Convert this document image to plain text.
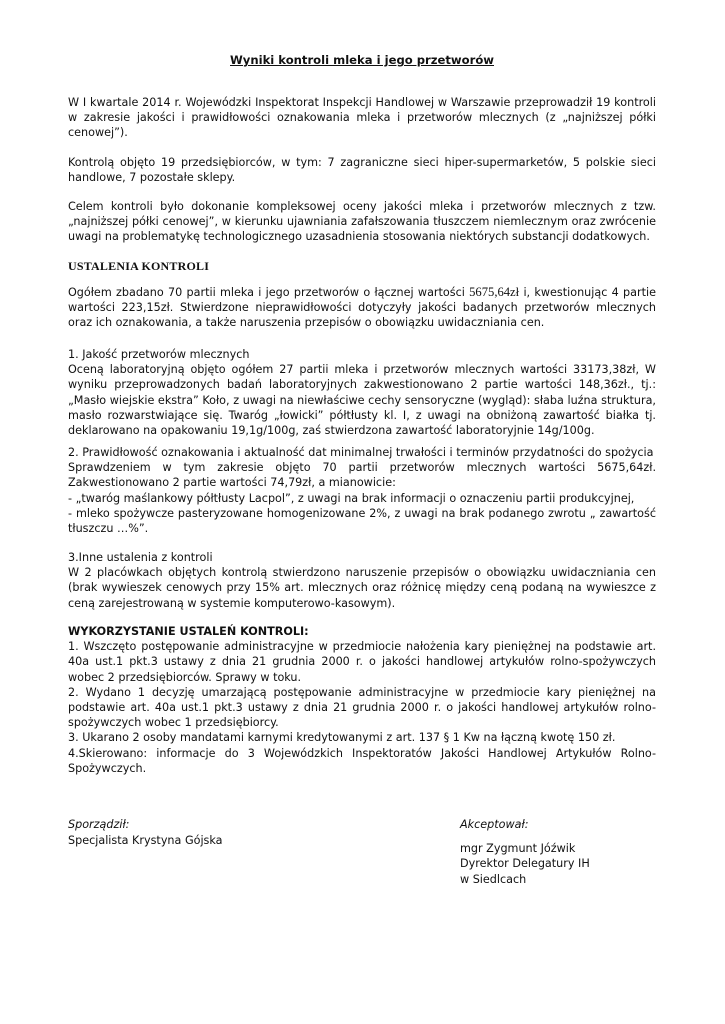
Wyniki kontroli mleka i jego przetworów
W I kwartale 2014 r. Wojewódzki Inspektorat Inspekcji Handlowej w Warszawie przeprowadził 19 kontroli w zakresie jakości i prawidłowości oznakowania mleka i przetworów mlecznych (z „najniższej półki cenowej”).
Kontrolą objęto 19 przedsiębiorców, w tym: 7 zagraniczne sieci hiper-supermarketów, 5 polskie sieci handlowe, 7 pozostałe sklepy.
Celem kontroli było dokonanie kompleksowej oceny jakości mleka i przetworów mlecznych z tzw. „najniższej półki cenowej”, w kierunku ujawniania zafałszowania tłuszczem niemlecznym oraz zwrócenie uwagi na problematykę technologicznego uzasadnienia stosowania niektórych substancji dodatkowych.
USTALENIA KONTROLI
Ogółem zbadano 70 partii mleka i jego przetworów o łącznej wartości 5675,64zł i, kwestionując 4 partie wartości 223,15zł. Stwierdzone nieprawidłowości dotyczyły jakości badanych przetworów mlecznych oraz ich oznakowania, a także naruszenia przepisów o obowiązku uwidaczniania cen.
1. Jakość przetworów mlecznych
Oceną laboratoryjną objęto ogółem 27 partii mleka i przetworów mlecznych wartości 33173,38zł, W wyniku przeprowadzonych badań laboratoryjnych zakwestionowano 2 partie wartości 148,36zł., tj.: „Masło wiejskie ekstra” Koło, z uwagi na niewłaściwe cechy sensoryczne (wygląd): słaba luźna struktura, masło rozwarstwiające się. Twaróg „łowicki” półtłusty kl. I, z uwagi na obniżoną zawartość białka tj. deklarowano na opakowaniu 19,1g/100g, zaś stwierdzona zawartość laboratoryjnie 14g/100g.
2. Prawidłowość oznakowania i aktualność dat minimalnej trwałości i terminów przydatności do spożycia
Sprawdzeniem w tym zakresie objęto 70 partii przetworów mlecznych wartości 5675,64zł. Zakwestionowano 2 partie wartości 74,79zł, a mianowicie:
- „twaróg maślankowy półtłusty Lacpol”, z uwagi na brak informacji o oznaczeniu partii produkcyjnej,
- mleko spożywcze pasteryzowane homogenizowane 2%, z uwagi na brak podanego zwrotu „ zawartość tłuszczu …%”.
3.Inne ustalenia z kontroli
W 2 placówkach objętych kontrolą stwierdzono naruszenie przepisów o obowiązku uwidaczniania cen (brak wywieszek cenowych przy 15% art. mlecznych oraz różnicę między ceną podaną na wywieszce z ceną zarejestrowaną w systemie komputerowo-kasowym).
WYKORZYSTANIE USTALEŃ KONTROLI:
1. Wszczęto postępowanie administracyjne w przedmiocie nałożenia kary pieniężnej na podstawie art. 40a ust.1 pkt.3 ustawy z dnia 21 grudnia 2000 r. o jakości handlowej artykułów rolno-spożywczych wobec 2 przedsiębiorców. Sprawy w toku.
2. Wydano 1 decyzję umarzającą postępowanie administracyjne w przedmiocie kary pieniężnej na podstawie art. 40a ust.1 pkt.3 ustawy z dnia 21 grudnia 2000 r. o jakości handlowej artykułów rolno-spożywczych wobec 1 przedsiębiorcy.
3. Ukarano 2 osoby mandatami karnymi kredytowanymi z art. 137 § 1 Kw na łączną kwotę 150 zł.
4.Skierowano: informacje do 3 Wojewódzkich Inspektoratów Jakości Handlowej Artykułów Rolno-Spożywczych.
Sporządził:
Specjalista Krystyna Gójska
Akceptował:
mgr Zygmunt Jóźwik
Dyrektor Delegatury IH
w Siedlcach
